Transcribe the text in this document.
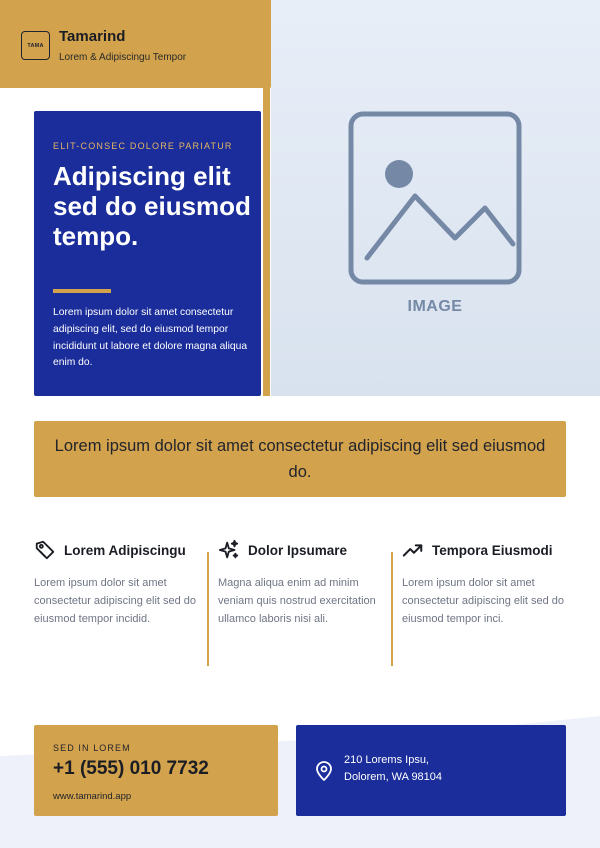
TAMA
Tamarind
Lorem & Adipiscingu Tempor
IMAGE
ELIT-CONSEC DOLORE PARIATUR
Adipiscing elit sed do eiusmod tempo.
Lorem ipsum dolor sit amet consectetur adipiscing elit, sed do eiusmod tempor incididunt ut labore et dolore magna aliqua enim do.
Lorem ipsum dolor sit amet consectetur adipiscing elit sed eiusmod do.
Lorem Adipiscingu
Lorem ipsum dolor sit amet consectetur adipiscing elit sed do eiusmod tempor incidid.
Dolor Ipsumare
Magna aliqua enim ad minim veniam quis nostrud exercitation ullamco laboris nisi ali.
Tempora Eiusmodi
Lorem ipsum dolor sit amet consectetur adipiscing elit sed do eiusmod tempor inci.
SED IN LOREM
+1 (555) 010 7732
www.tamarind.app
210 Lorems Ipsu,
Dolorem, WA 98104
